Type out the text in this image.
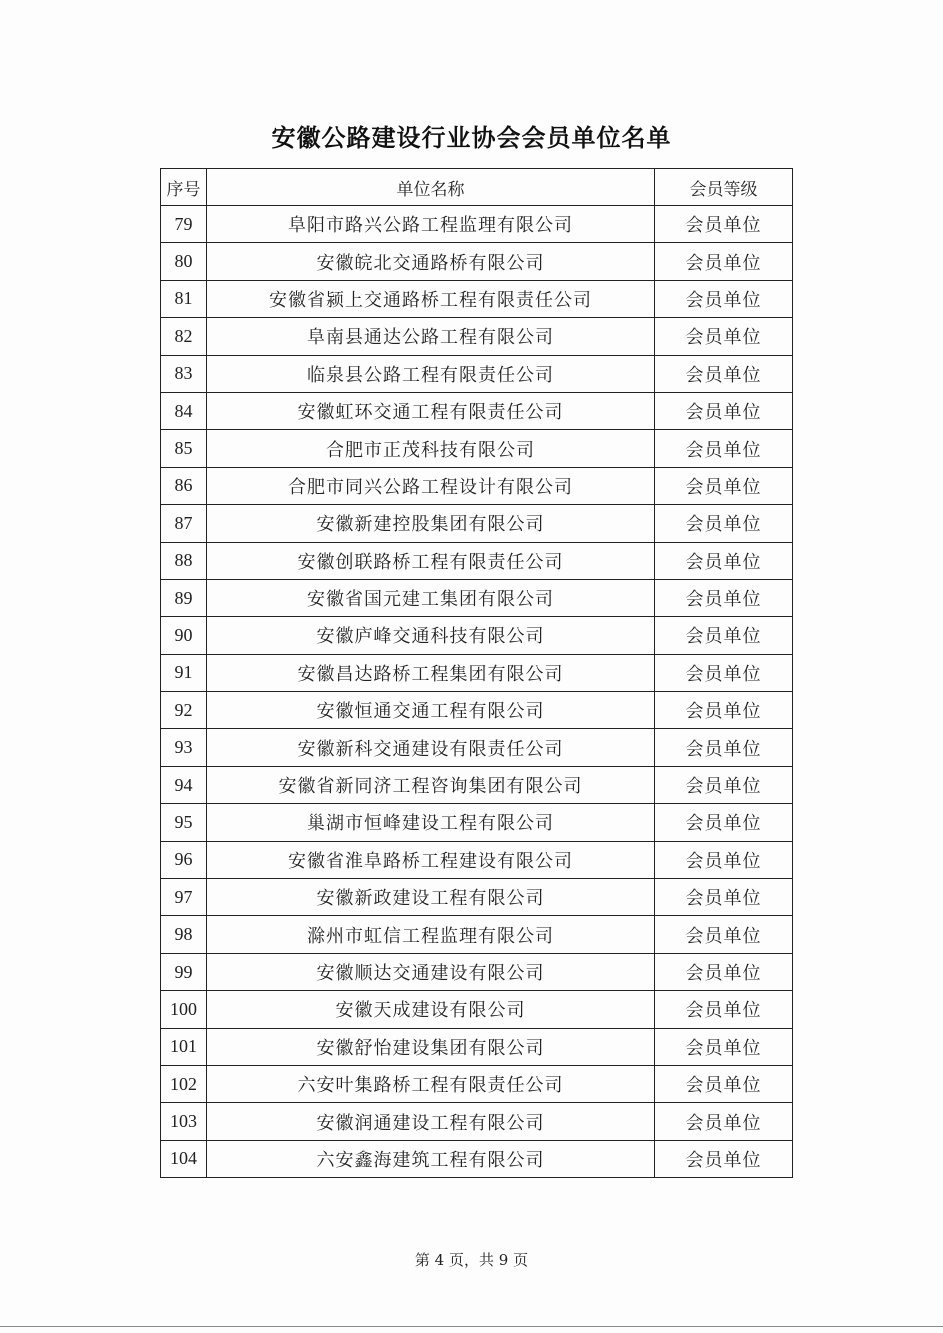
安徽公路建设行业协会会员单位名单
序号	单位名称	会员等级
79	阜阳市路兴公路工程监理有限公司	会员单位
80	安徽皖北交通路桥有限公司	会员单位
81	安徽省颍上交通路桥工程有限责任公司	会员单位
82	阜南县通达公路工程有限公司	会员单位
83	临泉县公路工程有限责任公司	会员单位
84	安徽虹环交通工程有限责任公司	会员单位
85	合肥市正茂科技有限公司	会员单位
86	合肥市同兴公路工程设计有限公司	会员单位
87	安徽新建控股集团有限公司	会员单位
88	安徽创联路桥工程有限责任公司	会员单位
89	安徽省国元建工集团有限公司	会员单位
90	安徽庐峰交通科技有限公司	会员单位
91	安徽昌达路桥工程集团有限公司	会员单位
92	安徽恒通交通工程有限公司	会员单位
93	安徽新科交通建设有限责任公司	会员单位
94	安徽省新同济工程咨询集团有限公司	会员单位
95	巢湖市恒峰建设工程有限公司	会员单位
96	安徽省淮阜路桥工程建设有限公司	会员单位
97	安徽新政建设工程有限公司	会员单位
98	滁州市虹信工程监理有限公司	会员单位
99	安徽顺达交通建设有限公司	会员单位
100	安徽天成建设有限公司	会员单位
101	安徽舒怡建设集团有限公司	会员单位
102	六安叶集路桥工程有限责任公司	会员单位
103	安徽润通建设工程有限公司	会员单位
104	六安鑫海建筑工程有限公司	会员单位
第 4 页，共 9 页
